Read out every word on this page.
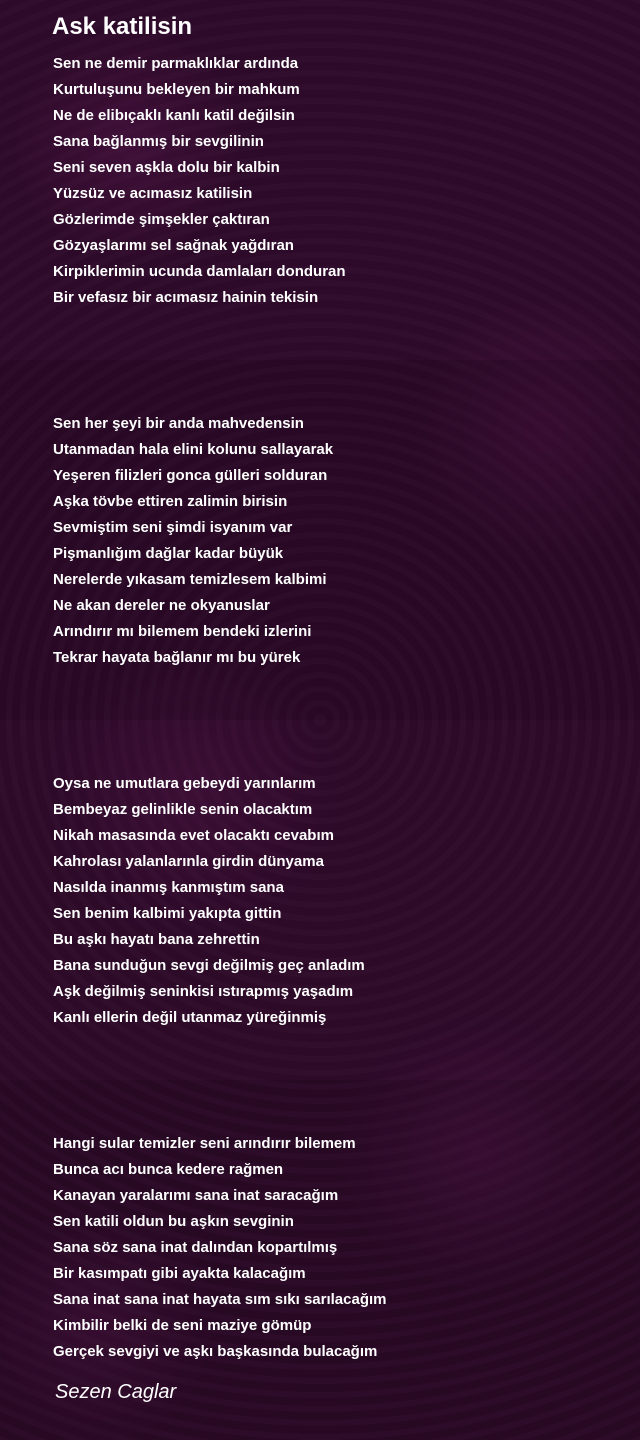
Ask katilisin
Sen ne demir parmaklıklar ardında
Kurtuluşunu bekleyen bir mahkum
Ne de elibıçaklı kanlı katil değilsin
Sana bağlanmış bir sevgilinin
Seni seven aşkla dolu bir kalbin
Yüzsüz ve acımasız katilisin
Gözlerimde şimşekler çaktıran
Gözyaşlarımı sel sağnak yağdıran
Kirpiklerimin ucunda damlaları donduran
Bir vefasız bir acımasız hainin tekisin
Sen her şeyi bir anda mahvedensin
Utanmadan hala elini kolunu sallayarak
Yeşeren filizleri gonca gülleri solduran
Aşka tövbe ettiren zalimin birisin
Sevmiştim seni şimdi isyanım var
Pişmanlığım dağlar kadar büyük
Nerelerde yıkasam temizlesem kalbimi
Ne akan dereler ne okyanuslar
Arındırır mı bilemem bendeki izlerini
Tekrar hayata bağlanır mı bu yürek
Oysa ne umutlara gebeydi yarınlarım
Bembeyaz gelinlikle senin olacaktım
Nikah masasında evet olacaktı cevabım
Kahrolası yalanlarınla girdin dünyama
Nasılda inanmış kanmıştım sana
Sen benim kalbimi yakıpta gittin
Bu aşkı hayatı bana zehrettin
Bana sunduğun sevgi değilmiş geç anladım
Aşk değilmiş seninkisi ıstırapmış yaşadım
Kanlı ellerin değil utanmaz yüreğinmiş
Hangi sular temizler seni arındırır bilemem
Bunca acı bunca kedere rağmen
Kanayan yaralarımı sana inat saracağım
Sen katili oldun bu aşkın sevginin
Sana söz sana inat dalından kopartılmış
Bir kasımpatı gibi ayakta kalacağım
Sana inat sana inat hayata sım sıkı sarılacağım
Kimbilir belki de seni maziye gömüp
Gerçek sevgiyi ve aşkı başkasında bulacağım

Sezen Caglar
